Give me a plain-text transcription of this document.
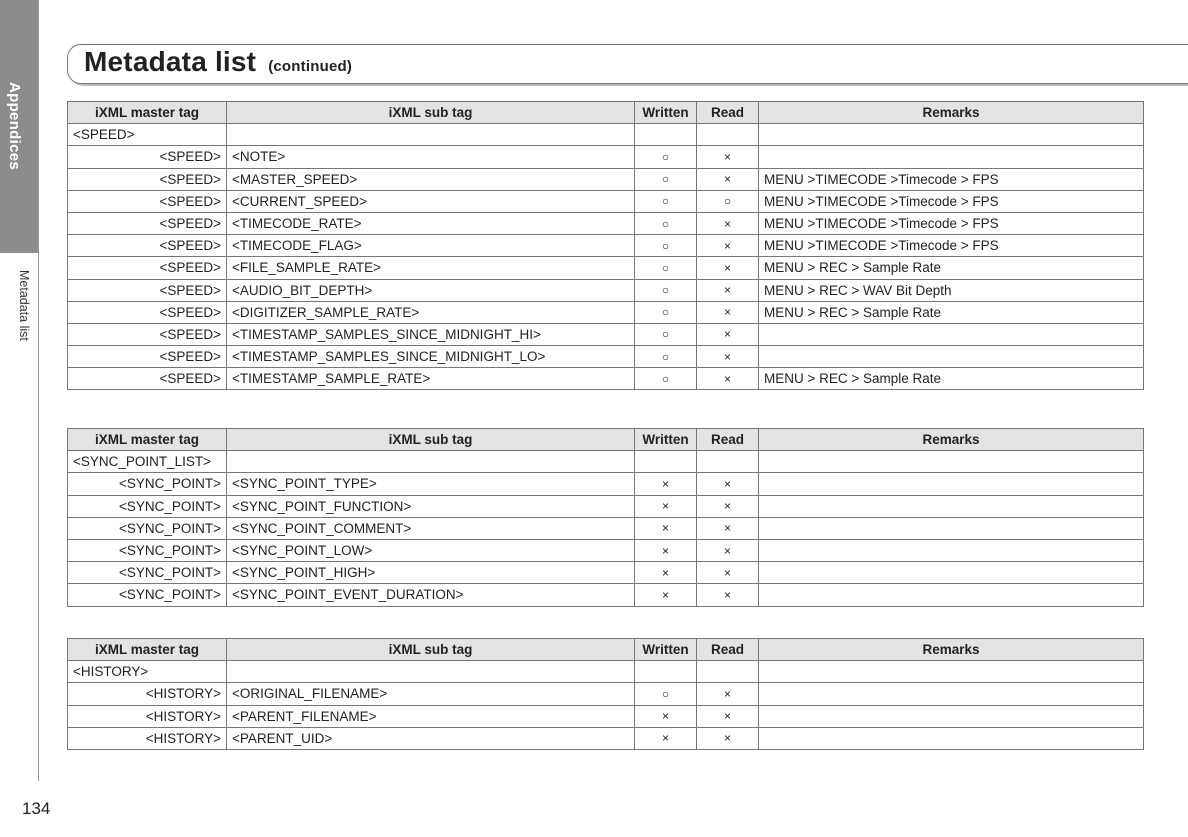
Appendices
Metadata list
Metadata list (continued)
iXML master tag	iXML sub tag	Written	Read	Remarks
<SPEED>				
<SPEED>	<NOTE>	○	×	
<SPEED>	<MASTER_SPEED>	○	×	MENU >TIMECODE >Timecode > FPS
<SPEED>	<CURRENT_SPEED>	○	○	MENU >TIMECODE >Timecode > FPS
<SPEED>	<TIMECODE_RATE>	○	×	MENU >TIMECODE >Timecode > FPS
<SPEED>	<TIMECODE_FLAG>	○	×	MENU >TIMECODE >Timecode > FPS
<SPEED>	<FILE_SAMPLE_RATE>	○	×	MENU > REC > Sample Rate
<SPEED>	<AUDIO_BIT_DEPTH>	○	×	MENU > REC > WAV Bit Depth
<SPEED>	<DIGITIZER_SAMPLE_RATE>	○	×	MENU > REC > Sample Rate
<SPEED>	<TIMESTAMP_SAMPLES_SINCE_MIDNIGHT_HI>	○	×	
<SPEED>	<TIMESTAMP_SAMPLES_SINCE_MIDNIGHT_LO>	○	×	
<SPEED>	<TIMESTAMP_SAMPLE_RATE>	○	×	MENU > REC > Sample Rate
iXML master tag	iXML sub tag	Written	Read	Remarks
<SYNC_POINT_LIST>				
<SYNC_POINT>	<SYNC_POINT_TYPE>	×	×	
<SYNC_POINT>	<SYNC_POINT_FUNCTION>	×	×	
<SYNC_POINT>	<SYNC_POINT_COMMENT>	×	×	
<SYNC_POINT>	<SYNC_POINT_LOW>	×	×	
<SYNC_POINT>	<SYNC_POINT_HIGH>	×	×	
<SYNC_POINT>	<SYNC_POINT_EVENT_DURATION>	×	×	
iXML master tag	iXML sub tag	Written	Read	Remarks
<HISTORY>				
<HISTORY>	<ORIGINAL_FILENAME>	○	×	
<HISTORY>	<PARENT_FILENAME>	×	×	
<HISTORY>	<PARENT_UID>	×	×	
134
